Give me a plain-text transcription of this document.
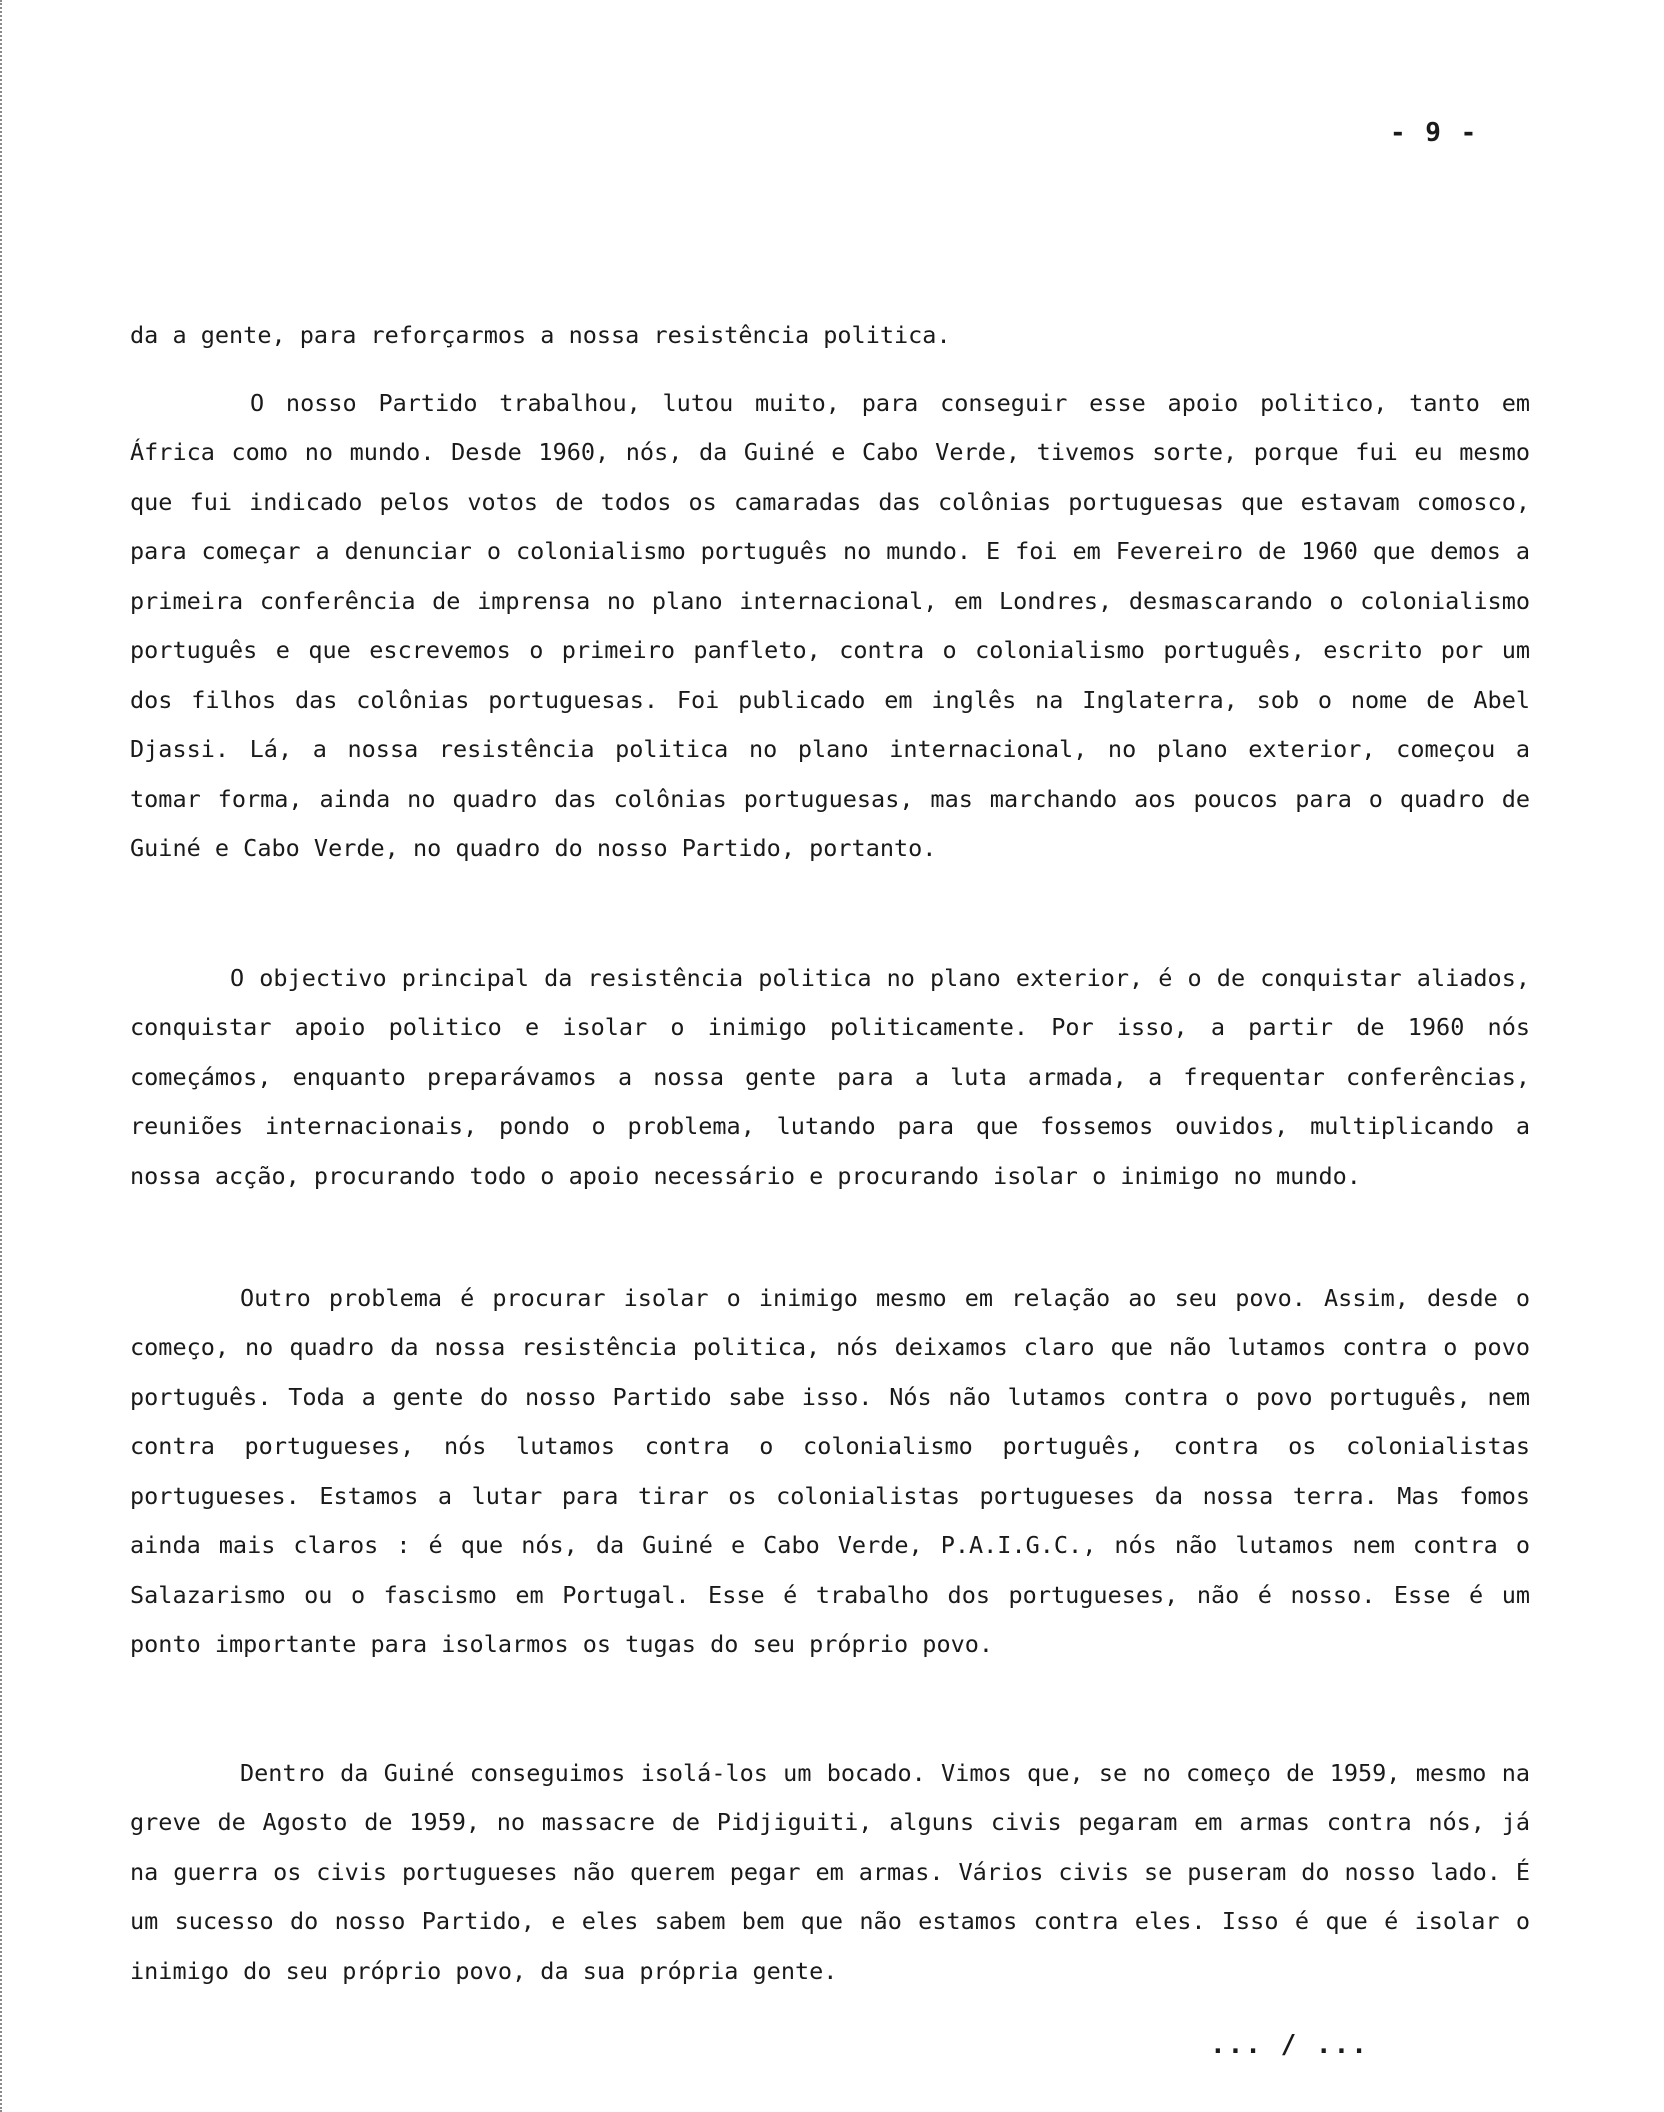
- 9 -

da a gente, para reforçarmos a nossa resistência politica.

O nosso Partido trabalhou, lutou muito, para conseguir esse apoio politico, tanto em África como no mundo. Desde 1960, nós, da Guiné e Cabo Verde, tivemos sorte, porque fui eu mesmo que fui indicado pelos votos de todos os camaradas das colônias portuguesas que estavam comosco, para começar a denunciar o colonialismo português no mundo. E foi em Fevereiro de 1960 que demos a primeira conferência de imprensa no plano internacional, em Londres, desmascarando o colonialismo português e que escrevemos o primeiro panfleto, contra o colonialismo português, escrito por um dos filhos das colônias portuguesas. Foi publicado em inglês na Inglaterra, sob o nome de Abel Djassi. Lá, a nossa resistência politica no plano internacional, no plano exterior, começou a tomar forma, ainda no quadro das colônias portuguesas, mas marchando aos poucos para o quadro de Guiné e Cabo Verde, no quadro do nosso Partido, portanto.

O objectivo principal da resistência politica no plano exterior, é o de conquistar aliados, conquistar apoio politico e isolar o inimigo politicamente. Por isso, a partir de 1960 nós começámos, enquanto preparávamos a nossa gente para a luta armada, a frequentar conferências, reuniões internacionais, pondo o problema, lutando para que fossemos ouvidos, multiplicando a nossa acção, procurando todo o apoio necessário e procurando isolar o inimigo no mundo.

Outro problema é procurar isolar o inimigo mesmo em relação ao seu povo. Assim, desde o começo, no quadro da nossa resistência politica, nós deixamos claro que não lutamos contra o povo português. Toda a gente do nosso Partido sabe isso. Nós não lutamos contra o povo português, nem contra portugueses, nós lutamos contra o colonialismo português, contra os colonialistas portugueses. Estamos a lutar para tirar os colonialistas portugueses da nossa terra. Mas fomos ainda mais claros : é que nós, da Guiné e Cabo Verde, P.A.I.G.C., nós não lutamos nem contra o Salazarismo ou o fascismo em Portugal. Esse é trabalho dos portugueses, não é nosso. Esse é um ponto importante para isolarmos os tugas do seu próprio povo.

Dentro da Guiné conseguimos isolá-los um bocado. Vimos que, se no começo de 1959, mesmo na greve de Agosto de 1959, no massacre de Pidjiguiti, alguns civis pegaram em armas contra nós, já na guerra os civis portugueses não querem pegar em armas. Vários civis se puseram do nosso lado. É um sucesso do nosso Partido, e eles sabem bem que não estamos contra eles. Isso é que é isolar o inimigo do seu próprio povo, da sua própria gente.

... / ...
